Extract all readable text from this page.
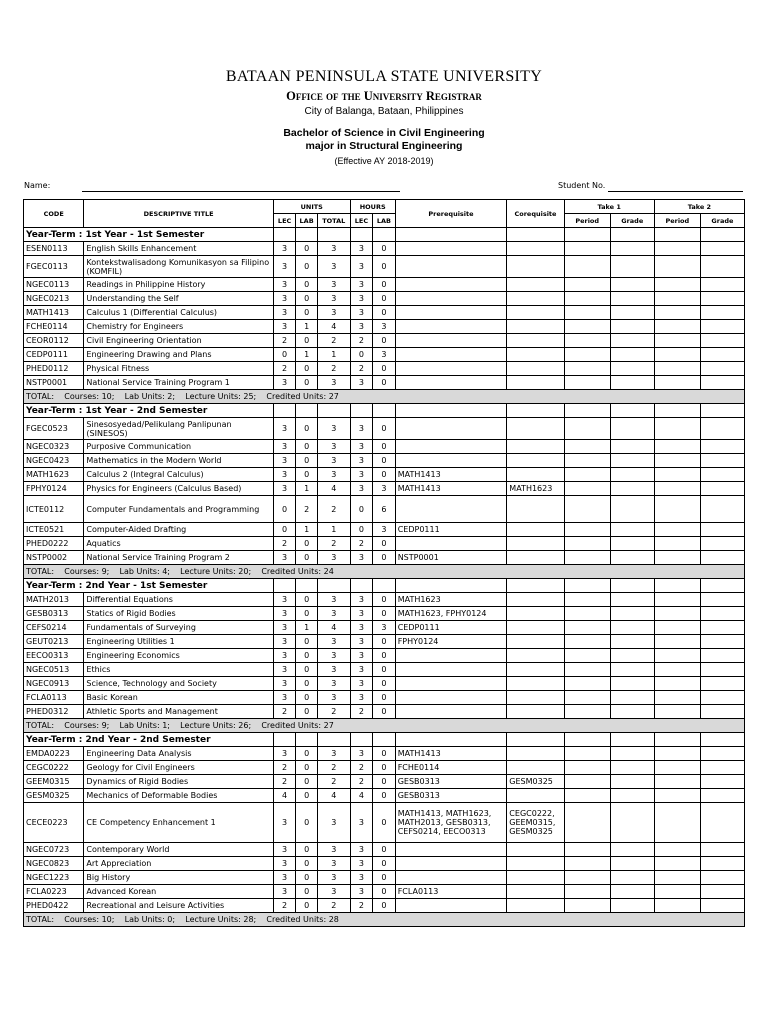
BATAAN PENINSULA STATE UNIVERSITY
Office of the University Registrar
City of Balanga, Bataan, Philippines
Bachelor of Science in Civil Engineering
major in Structural Engineering
(Effective AY 2018-2019)
Name:	Student No.
CODE	DESCRIPTIVE TITLE	UNITS			HOURS		Prerequisite	Corequisite	Take 1		Take 2	
		LEC	LAB	TOTAL	LEC	LAB			Period	Grade	Period	Grade
Year-Term : 1st Year - 1st Semester												
ESEN0113	English Skills Enhancement	3	0	3	3	0						
FGEC0113	Kontekstwalisadong Komunikasyon sa Filipino (KOMFIL)	3	0	3	3	0						
NGEC0113	Readings in Philippine History	3	0	3	3	0						
NGEC0213	Understanding the Self	3	0	3	3	0						
MATH1413	Calculus 1 (Differential Calculus)	3	0	3	3	0						
FCHE0114	Chemistry for Engineers	3	1	4	3	3						
CEOR0112	Civil Engineering Orientation	2	0	2	2	0						
CEDP0111	Engineering Drawing and Plans	0	1	1	0	3						
PHED0112	Physical Fitness	2	0	2	2	0						
NSTP0001	National Service Training Program 1	3	0	3	3	0						
TOTAL:    Courses: 10;    Lab Units: 2;    Lecture Units: 25;    Credited Units: 27												
Year-Term : 1st Year - 2nd Semester												
FGEC0523	Sinesosyedad/Pelikulang Panlipunan (SINESOS)	3	0	3	3	0						
NGEC0323	Purposive Communication	3	0	3	3	0						
NGEC0423	Mathematics in the Modern World	3	0	3	3	0						
MATH1623	Calculus 2 (Integral Calculus)	3	0	3	3	0	MATH1413					
FPHY0124	Physics for Engineers (Calculus Based)	3	1	4	3	3	MATH1413	MATH1623				
ICTE0112	Computer Fundamentals and Programming	0	2	2	0	6						
ICTE0521	Computer-Aided Drafting	0	1	1	0	3	CEDP0111					
PHED0222	Aquatics	2	0	2	2	0						
NSTP0002	National Service Training Program 2	3	0	3	3	0	NSTP0001					
TOTAL:    Courses: 9;    Lab Units: 4;    Lecture Units: 20;    Credited Units: 24												
Year-Term : 2nd Year - 1st Semester												
MATH2013	Differential Equations	3	0	3	3	0	MATH1623					
GESB0313	Statics of Rigid Bodies	3	0	3	3	0	MATH1623, FPHY0124					
CEFS0214	Fundamentals of Surveying	3	1	4	3	3	CEDP0111					
GEUT0213	Engineering Utilities 1	3	0	3	3	0	FPHY0124					
EECO0313	Engineering Economics	3	0	3	3	0						
NGEC0513	Ethics	3	0	3	3	0						
NGEC0913	Science, Technology and Society	3	0	3	3	0						
FCLA0113	Basic Korean	3	0	3	3	0						
PHED0312	Athletic Sports and Management	2	0	2	2	0						
TOTAL:    Courses: 9;    Lab Units: 1;    Lecture Units: 26;    Credited Units: 27												
Year-Term : 2nd Year - 2nd Semester												
EMDA0223	Engineering Data Analysis	3	0	3	3	0	MATH1413					
CEGC0222	Geology for Civil Engineers	2	0	2	2	0	FCHE0114					
GEEM0315	Dynamics of Rigid Bodies	2	0	2	2	0	GESB0313	GESM0325				
GESM0325	Mechanics of Deformable Bodies	4	0	4	4	0	GESB0313					
CECE0223	CE Competency Enhancement 1	3	0	3	3	0	MATH1413, MATH1623, MATH2013, GESB0313, CEFS0214, EECO0313	CEGC0222, GEEM0315, GESM0325				
NGEC0723	Contemporary World	3	0	3	3	0						
NGEC0823	Art Appreciation	3	0	3	3	0						
NGEC1223	Big History	3	0	3	3	0						
FCLA0223	Advanced Korean	3	0	3	3	0	FCLA0113					
PHED0422	Recreational and Leisure Activities	2	0	2	2	0						
TOTAL:    Courses: 10;    Lab Units: 0;    Lecture Units: 28;    Credited Units: 28												
